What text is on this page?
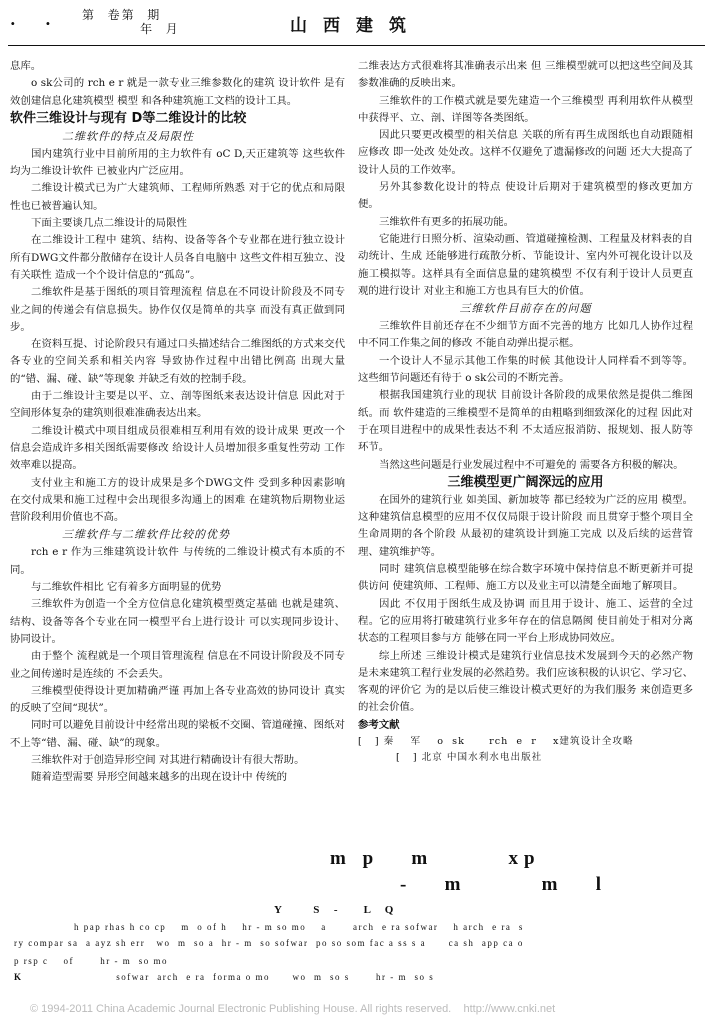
. . 第  卷第  期
年  月	山西建筑

息库。

o sk公司的 rch e r 就是一款专业三维参数化的建筑 设计软件 是有效创建信息化建筑模型 模型 和各种建筑施工文档的设计工具。

软件三维设计与现有 D等二维设计的比较

二维软件的特点及局限性

国内建筑行业中目前所用的主力软件有 oC D,天正建筑等 这些软件均为二维设计软件 已被业内广泛应用。

二维设计模式已为广大建筑师、工程师所熟悉 对于它的优点和局限性也已被普遍认知。

下面主要谈几点二维设计的局限性

在二维设计工程中 建筑、结构、设备等各个专业都在进行独立设计 所有DWG文件都分散储存在设计人员各自电脑中 这些文件相互独立、没有关联性 造成一个个设计信息的“孤岛”。

二维软件是基于图纸的项目管理流程 信息在不同设计阶段及不同专业之间的传递会有信息损失。协作仅仅是简单的共享 而没有真正做到同步。

在资料互提、讨论阶段只有通过口头描述结合二维图纸的方式来交代各专业的空间关系和相关内容 导致协作过程中出错比例高 出现大量的“错、漏、碰、缺”等现象 并缺乏有效的控制手段。

由于二维设计主要是以平、立、剖等图纸来表达设计信息 因此对于空间形体复杂的建筑则很难准确表达出来。

二维设计模式中项目组成员很难相互利用有效的设计成果 更改一个信息会造成许多相关图纸需要修改 给设计人员增加很多重复性劳动 工作效率难以提高。

支付业主和施工方的设计成果是多个DWG文件 受到多种因素影响 在交付成果和施工过程中会出现很多沟通上的困难 在建筑物后期物业运营阶段利用价值也不高。

三维软件与二维软件比较的优势

rch e r 作为三维建筑设计软件 与传统的二维设计模式有本质的不同。

与二维软件相比 它有着多方面明显的优势

三维软件为创造一个全方位信息化建筑模型奠定基础 也就是建筑、结构、设备等各个专业在同一模型平台上进行设计 可以实现同步设计、协同设计。

由于整个 流程就是一个项目管理流程 信息在不同设计阶段及不同专业之间传递时是连续的 不会丢失。

三维模型使得设计更加精确严谨 再加上各专业高效的协同设计 真实的反映了空间“现状”。

同时可以避免目前设计中经常出现的梁板不交圈、管道碰撞、图纸对不上等“错、漏、碰、缺”的现象。

三维软件对于创造异形空间 对其进行精确设计有很大帮助。

随着造型需要 异形空间越来越多的出现在设计中 传统的

二维表达方式很难将其准确表示出来 但 三维模型就可以把这些空间及其参数准确的反映出来。

三维软件的工作模式就是要先建造一个三维模型 再利用软件从模型中获得平、立、剖、详图等各类图纸。

因此只要更改模型的相关信息 关联的所有再生成图纸也自动跟随相应修改 即一处改 处处改。这样不仅避免了遗漏修改的问题 还大大提高了设计人员的工作效率。

另外其参数化设计的特点 使设计后期对于建筑模型的修改更加方便。

三维软件有更多的拓展功能。

它能进行日照分析、渲染动画、管道碰撞检测、工程量及材料表的自动统计、生成 还能够进行疏散分析、节能设计、室内外可视化设计以及施工模拟等。这样具有全面信息量的建筑模型 不仅有利于设计人员更直观的进行设计 对业主和施工方也具有巨大的价值。

三维软件目前存在的问题

三维软件目前还存在不少细节方面不完善的地方 比如几人协作过程中不同工作集之间的修改 不能自动弹出提示框。

一个设计人不显示其他工作集的时候 其他设计人同样看不到等等。这些细节问题还有待于 o sk公司的不断完善。

根据我国建筑行业的现状 目前设计各阶段的成果依然是提供二维图纸。而 软件建造的三维模型不是简单的由粗略到细致深化的过程 因此对于在项目进程中的成果性表达不利 不太适应报消防、报规划、报人防等环节。

当然这些问题是行业发展过程中不可避免的 需要各方积极的解决。

三维模型更广阔深远的应用

在国外的建筑行业 如美国、新加坡等 都已经较为广泛的应用 模型。这种建筑信息模型的应用不仅仅局限于设计阶段 而且贯穿于整个项目全生命周期的各个阶段 从最初的建筑设计到施工完成 以及后续的运营管理、建筑维护等。

同时 建筑信息模型能够在综合数字环境中保持信息不断更新并可提供访问 使建筑师、工程师、施工方以及业主可以清楚全面地了解项目。

因此 不仅用于图纸生成及协调 而且用于设计、施工、运营的全过程。它的应用将打破建筑行业多年存在的信息隔阂 使目前处于相对分离状态的工程项目参与方 能够在同一平台上形成协同效应。

综上所述 三维设计模式是建筑行业信息技术发展到今天的必然产物 是未来建筑工程行业发展的必然趋势。我们应该积极的认识它、学习它、客观的评价它 为的是以后使三维设计模式更好的为我们服务 来创造更多的社会价值。

参考文献

[   ] 秦    军    o  sk      rch  e  r    x建筑设计全攻略

[   ] 北京 中国水利水电出版社

m p   m       xp
-   m       m   l
Y     S  -    L  Q
h pap rhas h co cp    m  o of h    hr - m so mo    a       arch  e ra sofwar    h arch  e ra  s
ry compar sa  a ayz sh err   wo  m  so a  hr - m  so sofwar  po so som fac a ss s a      ca sh  app ca o
p rsp c    of       hr - m  so mo
K                         sofwar  arch  e ra  forma o mo      wo  m  so s       hr - m  so s
© 1994-2011 China Academic Journal Electronic Publishing House. All rights reserved.    http://www.cnki.net
